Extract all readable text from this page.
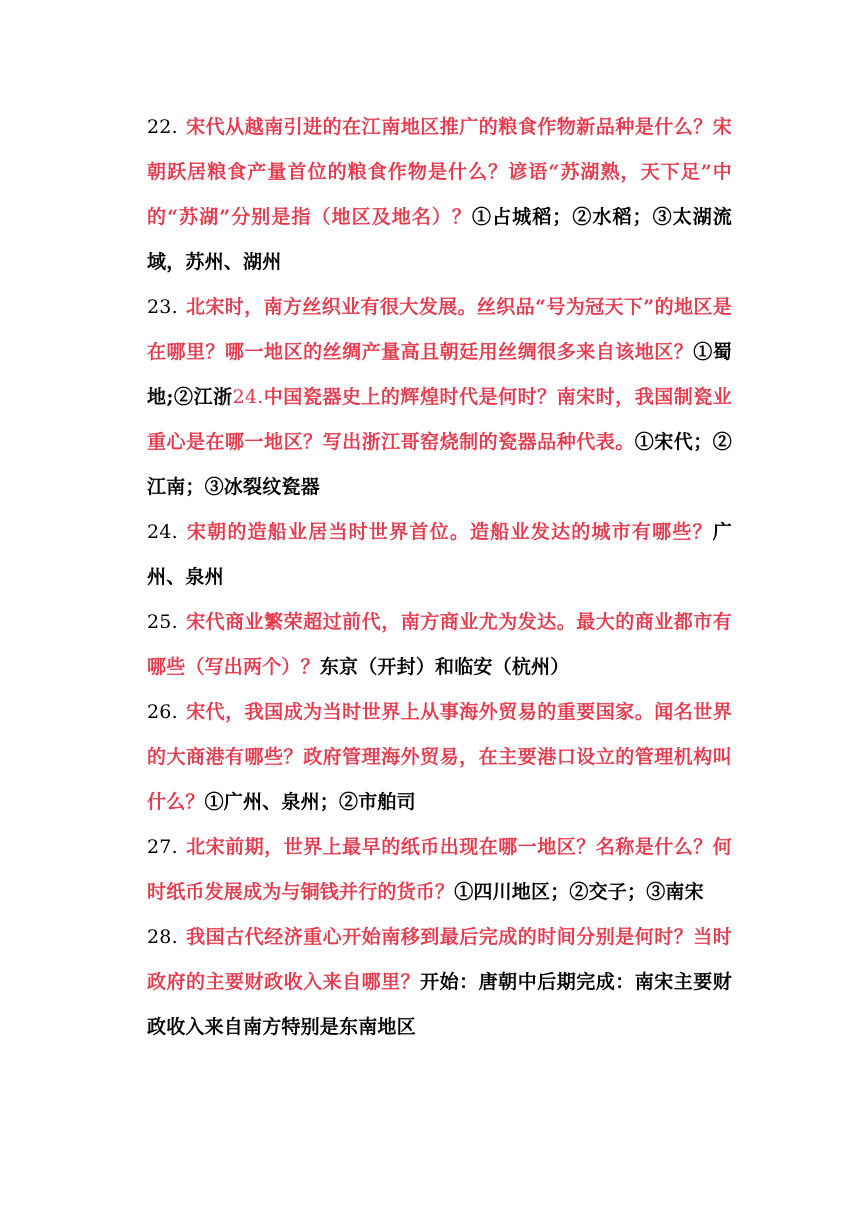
22. 宋代从越南引进的在江南地区推广的粮食作物新品种是什么？宋朝跃居粮食产量首位的粮食作物是什么？谚语“苏湖熟，天下足”中的“苏湖”分别是指（地区及地名）？①占城稻；②水稻；③太湖流域，苏州、湖州

23. 北宋时，南方丝织业有很大发展。丝织品“号为冠天下”的地区是在哪里？哪一地区的丝绸产量高且朝廷用丝绸很多来自该地区？①蜀地;②江浙24.中国瓷器史上的辉煌时代是何时？南宋时，我国制瓷业重心是在哪一地区？写出浙江哥窑烧制的瓷器品种代表。①宋代；②江南；③冰裂纹瓷器

24. 宋朝的造船业居当时世界首位。造船业发达的城市有哪些？广州、泉州

25. 宋代商业繁荣超过前代，南方商业尤为发达。最大的商业都市有哪些（写出两个）？东京（开封）和临安（杭州）

26. 宋代，我国成为当时世界上从事海外贸易的重要国家。闻名世界的大商港有哪些？政府管理海外贸易，在主要港口设立的管理机构叫什么？①广州、泉州；②市舶司

27. 北宋前期，世界上最早的纸币出现在哪一地区？名称是什么？何时纸币发展成为与铜钱并行的货币？①四川地区；②交子；③南宋

28. 我国古代经济重心开始南移到最后完成的时间分别是何时？当时政府的主要财政收入来自哪里？开始：唐朝中后期完成：南宋主要财政收入来自南方特别是东南地区
